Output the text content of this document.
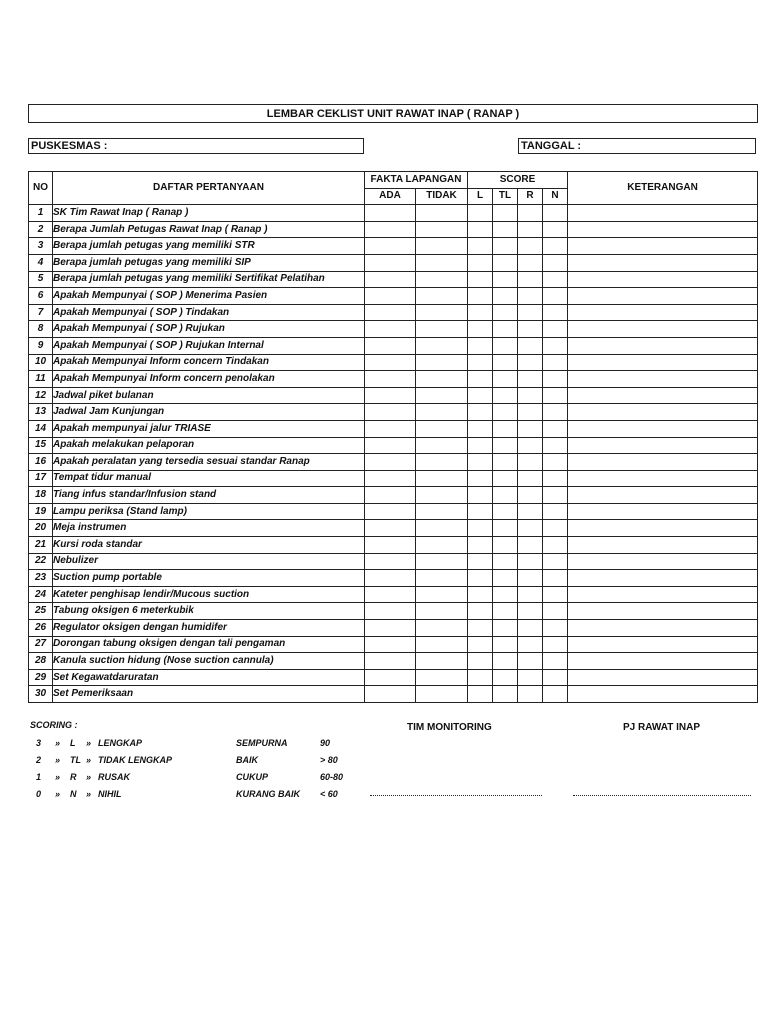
LEMBAR CEKLIST UNIT RAWAT INAP ( RANAP )
PUSKESMAS :	TANGGAL :
NO	DAFTAR PERTANYAAN	FAKTA LAPANGAN		SCORE				KETERANGAN
		ADA	TIDAK	L	TL	R	N	
1	SK Tim Rawat Inap ( Ranap )							
2	Berapa Jumlah Petugas Rawat Inap ( Ranap )							
3	Berapa jumlah petugas yang memiliki STR							
4	Berapa jumlah petugas yang memiliki SIP							
5	Berapa jumlah petugas yang memiliki Sertifikat Pelatihan							
6	Apakah Mempunyai ( SOP ) Menerima Pasien							
7	Apakah Mempunyai ( SOP ) Tindakan							
8	Apakah Mempunyai ( SOP ) Rujukan							
9	Apakah Mempunyai ( SOP ) Rujukan Internal							
10	Apakah Mempunyai Inform concern Tindakan							
11	Apakah Mempunyai Inform concern penolakan							
12	Jadwal piket bulanan							
13	Jadwal Jam Kunjungan							
14	Apakah mempunyai jalur TRIASE							
15	Apakah melakukan pelaporan							
16	Apakah peralatan yang tersedia sesuai standar Ranap							
17	Tempat tidur manual							
18	Tiang infus standar/Infusion stand							
19	Lampu periksa (Stand lamp)							
20	Meja instrumen							
21	Kursi roda standar							
22	Nebulizer							
23	Suction pump portable							
24	Kateter penghisap lendir/Mucous suction							
25	Tabung oksigen 6 meterkubik							
26	Regulator oksigen dengan humidifer							
27	Dorongan tabung oksigen dengan tali pengaman							
28	Kanula suction hidung (Nose suction cannula)							
29	Set Kegawatdaruratan							
30	Set Pemeriksaan							
SCORING :
3 » L » LENGKAP	SEMPURNA	90
2 » TL » TIDAK LENGKAP	BAIK	> 80
1 » R » RUSAK	CUKUP	60-80
0 » N » NIHIL	KURANG BAIK < 60
TIM MONITORING	PJ RAWAT INAP
